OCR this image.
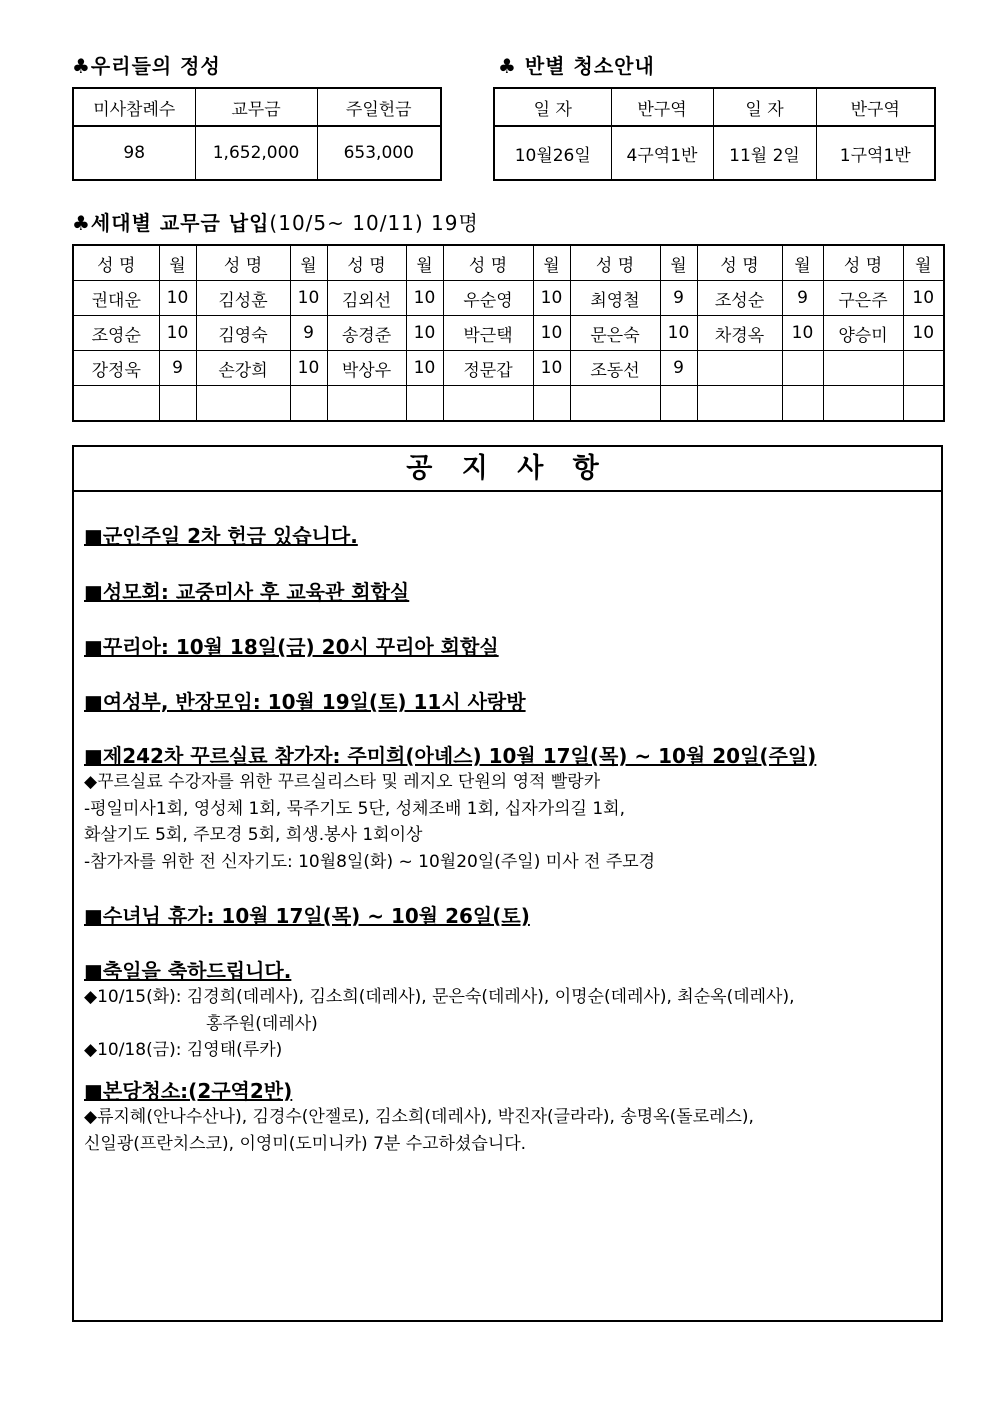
♣우리들의 정성	♣ 반별 청소안내
♣세대별 교무금 납입(10/5~ 10/11) 19명
미사참례수	교무금	주일헌금
98	1,652,000	653,000
일 자	반구역	일 자	반구역
10월26일	4구역1반	11월 2일	1구역1반
성 명	월	성 명	월	성 명	월	성 명	월	성 명	월	성 명	월	성 명	월
권대운	10	김성훈	10	김외선	10	우순영	10	최영철	9	조성순	9	구은주	10
조영순	10	김영숙	9	송경준	10	박근택	10	문은숙	10	차경옥	10	양승미	10
강정욱	9	손강희	10	박상우	10	정문갑	10	조동선	9				

공 지 사 항
■군인주일 2차 헌금 있습니다.
■성모회: 교중미사 후 교육관 회합실
■꾸리아: 10월 18일(금) 20시 꾸리아 회합실
■여성부, 반장모임: 10월 19일(토) 11시 사랑방
■제242차 꾸르실료 참가자: 주미희(아녜스) 10월 17일(목) ~ 10월 20일(주일)
◆꾸르실료 수강자를 위한 꾸르실리스타 및 레지오 단원의 영적 빨랑카
-평일미사1회, 영성체 1회, 묵주기도 5단, 성체조배 1회, 십자가의길 1회,
화살기도 5회, 주모경 5회, 희생.봉사 1회이상
-참가자를 위한 전 신자기도: 10월8일(화) ~ 10월20일(주일) 미사 전 주모경
■수녀님 휴가: 10월 17일(목) ~ 10월 26일(토)
■축일을 축하드립니다.
◆10/15(화): 김경희(데레사), 김소희(데레사), 문은숙(데레사), 이명순(데레사), 최순옥(데레사),
홍주원(데레사)
◆10/18(금): 김영태(루카)
■본당청소:(2구역2반)
◆류지혜(안나수산나), 김경수(안젤로), 김소희(데레사), 박진자(글라라), 송명옥(돌로레스),
신일광(프란치스코), 이영미(도미니카) 7분 수고하셨습니다.
